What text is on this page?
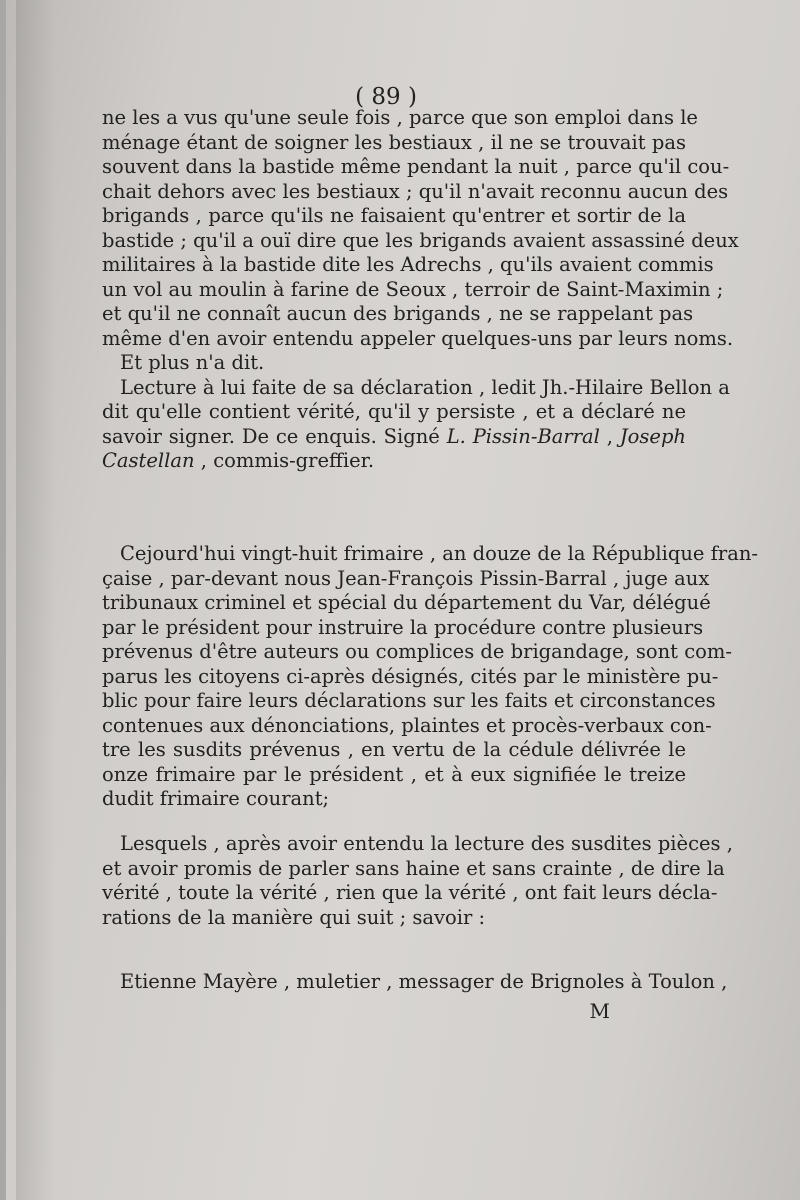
( 89 )
ne les a vus qu'une seule fois , parce que son emploi dans le
ménage étant de soigner les bestiaux , il ne se trouvait pas
souvent dans la bastide même pendant la nuit , parce qu'il cou-
chait dehors avec les bestiaux ; qu'il n'avait reconnu aucun des
brigands , parce qu'ils ne faisaient qu'entrer et sortir de la
bastide ; qu'il a ouï dire que les brigands avaient assassiné deux
militaires à la bastide dite les Adrechs , qu'ils avaient commis
un vol au moulin à farine de Seoux , terroir de Saint-Maximin ;
et qu'il ne connaît aucun des brigands , ne se rappelant pas
même d'en avoir entendu appeler quelques-uns par leurs noms.
Et plus n'a dit.
Lecture à lui faite de sa déclaration , ledit Jh.-Hilaire Bellon a
dit qu'elle contient vérité, qu'il y persiste , et a déclaré ne
savoir signer. De ce enquis. Signé L. Pissin-Barral , Joseph
Castellan , commis-greffier.
Cejourd'hui vingt-huit frimaire , an douze de la République fran-
çaise , par-devant nous Jean-François Pissin-Barral , juge aux
tribunaux criminel et spécial du département du Var, délégué
par le président pour instruire la procédure contre plusieurs
prévenus d'être auteurs ou complices de brigandage, sont com-
parus les citoyens ci-après désignés, cités par le ministère pu-
blic pour faire leurs déclarations sur les faits et circonstances
contenues aux dénonciations, plaintes et procès-verbaux con-
tre les susdits prévenus , en vertu de la cédule délivrée le
onze frimaire par le président , et à eux signifiée le treize
dudit frimaire courant;
Lesquels , après avoir entendu la lecture des susdites pièces ,
et avoir promis de parler sans haine et sans crainte , de dire la
vérité , toute la vérité , rien que la vérité , ont fait leurs décla-
rations de la manière qui suit ; savoir :
Etienne Mayère , muletier , messager de Brignoles à Toulon ,
M
